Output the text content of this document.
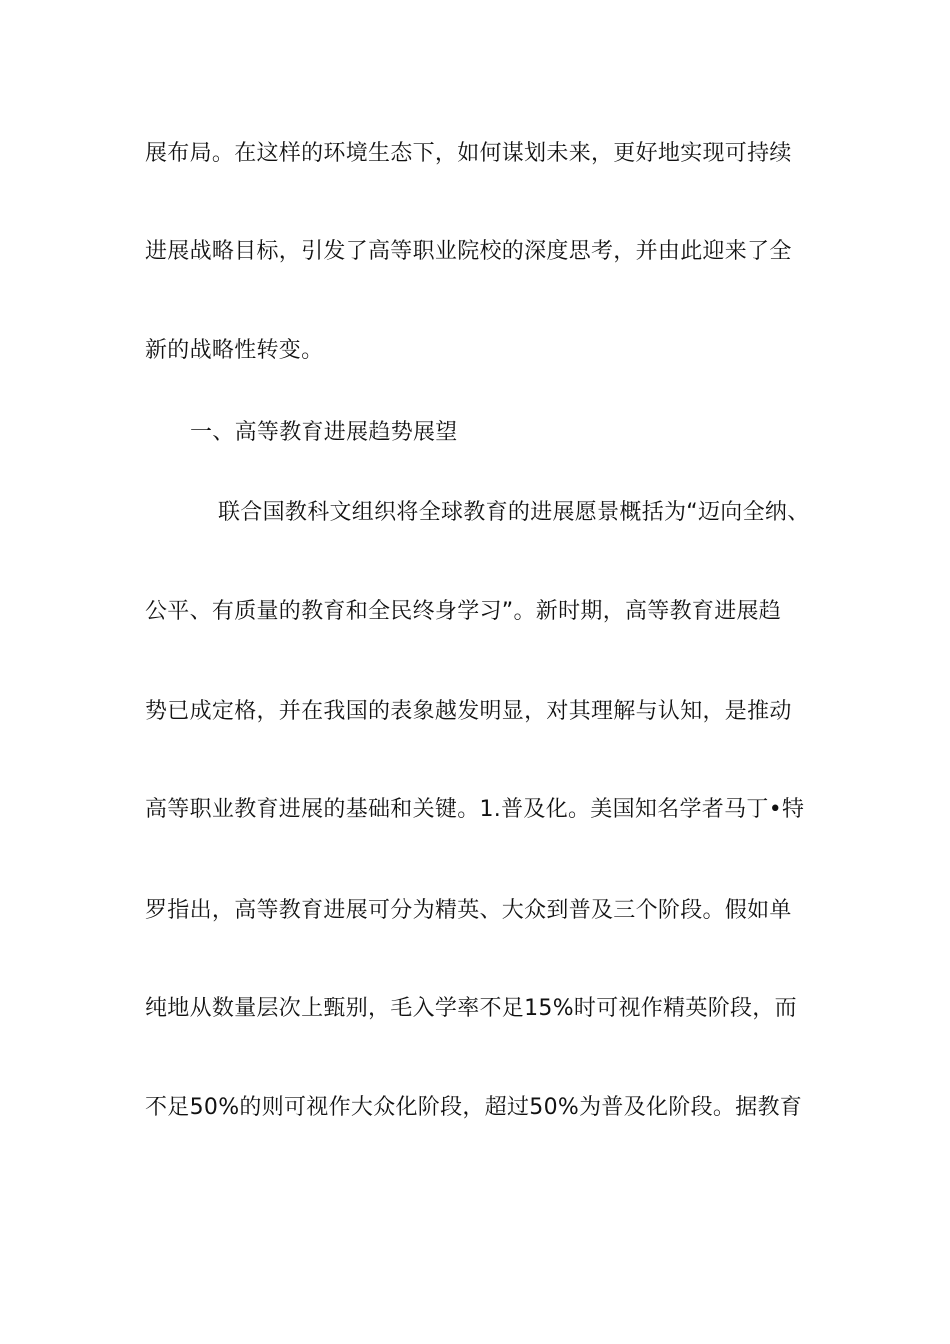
展布局。在这样的环境生态下，如何谋划未来，更好地实现可持续
进展战略目标，引发了高等职业院校的深度思考，并由此迎来了全
新的战略性转变。
一、高等教育进展趋势展望
联合国教科文组织将全球教育的进展愿景概括为“迈向全纳、
公平、有质量的教育和全民终身学习”。新时期，高等教育进展趋
势已成定格，并在我国的表象越发明显，对其理解与认知，是推动
高等职业教育进展的基础和关键。1.普及化。美国知名学者马丁•特
罗指出，高等教育进展可分为精英、大众到普及三个阶段。假如单
纯地从数量层次上甄别，毛入学率不足15%时可视作精英阶段，而
不足50%的则可视作大众化阶段，超过50%为普及化阶段。据教育
